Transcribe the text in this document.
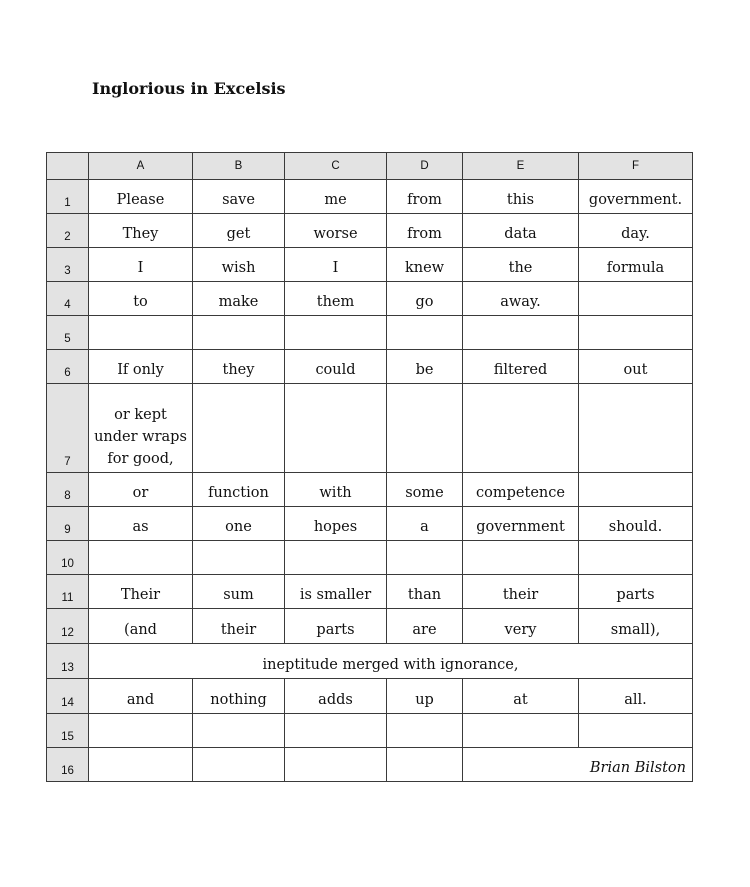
Inglorious in Excelsis
	A	B	C	D	E	F
1	Please	save	me	from	this	government.
2	They	get	worse	from	data	day.
3	I	wish	I	knew	the	formula
4	to	make	them	go	away.	
5						
6	If only	they	could	be	filtered	out
7	or kept under wraps for good,					
8	or	function	with	some	competence	
9	as	one	hopes	a	government	should.
10						
11	Their	sum	is smaller	than	their	parts
12	(and	their	parts	are	very	small),
13	ineptitude merged with ignorance,					
14	and	nothing	adds	up	at	all.
15						
16					Brian Bilston	
